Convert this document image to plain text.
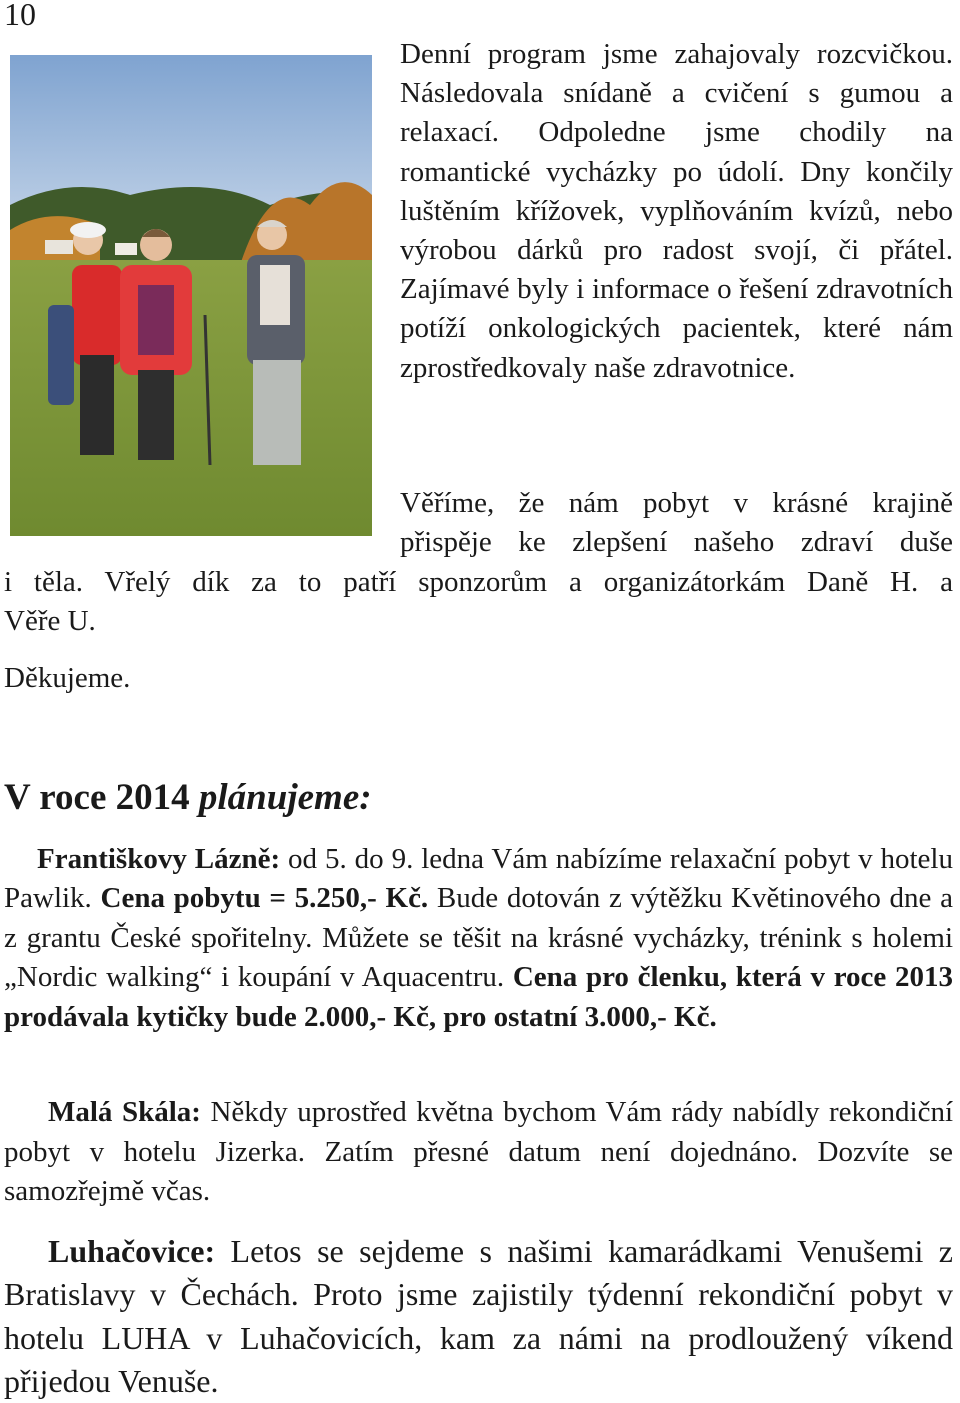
10

Denní program jsme zahajovaly rozcvičkou. Následovala snídaně a cvičení s gumou a relaxací. Odpoledne jsme chodily na romantické vycházky po údolí. Dny končily luštěním křížovek, vyplňováním kvízů, nebo výrobou dárků pro radost svojí, či přátel. Zajímavé byly i informace o řešení zdravotních potíží onkologických pacientek, které nám zprostředkovaly naše zdravotnice.

Věříme, že nám pobyt v krásné krajině

přispěje ke zlepšení našeho zdraví duše

i těla. Vřelý dík za to patří sponzorům a organizátorkám Daně H. a

Věře U.

Děkujeme.

V roce 2014 plánujeme:

Františkovy Lázně: od 5. do 9. ledna Vám nabízíme relaxační pobyt v hotelu Pawlik. Cena pobytu = 5.250,- Kč. Bude dotován z výtěžku Květinového dne a z grantu České spořitelny. Můžete se těšit na krásné vycházky, trénink s holemi „Nordic walking“ i koupání v Aquacentru. Cena pro členku, která v roce 2013 prodávala kytičky bude 2.000,- Kč, pro ostatní 3.000,- Kč.

Malá Skála: Někdy uprostřed května bychom Vám rády nabídly rekondiční pobyt v hotelu Jizerka. Zatím přesné datum není dojednáno. Dozvíte se samozřejmě včas.

Luhačovice: Letos se sejdeme s našimi kamarádkami Venušemi z Bratislavy v Čechách. Proto jsme zajistily týdenní rekondiční pobyt v hotelu LUHA v Luhačovicích, kam za námi na prodloužený víkend přijedou Venuše.
